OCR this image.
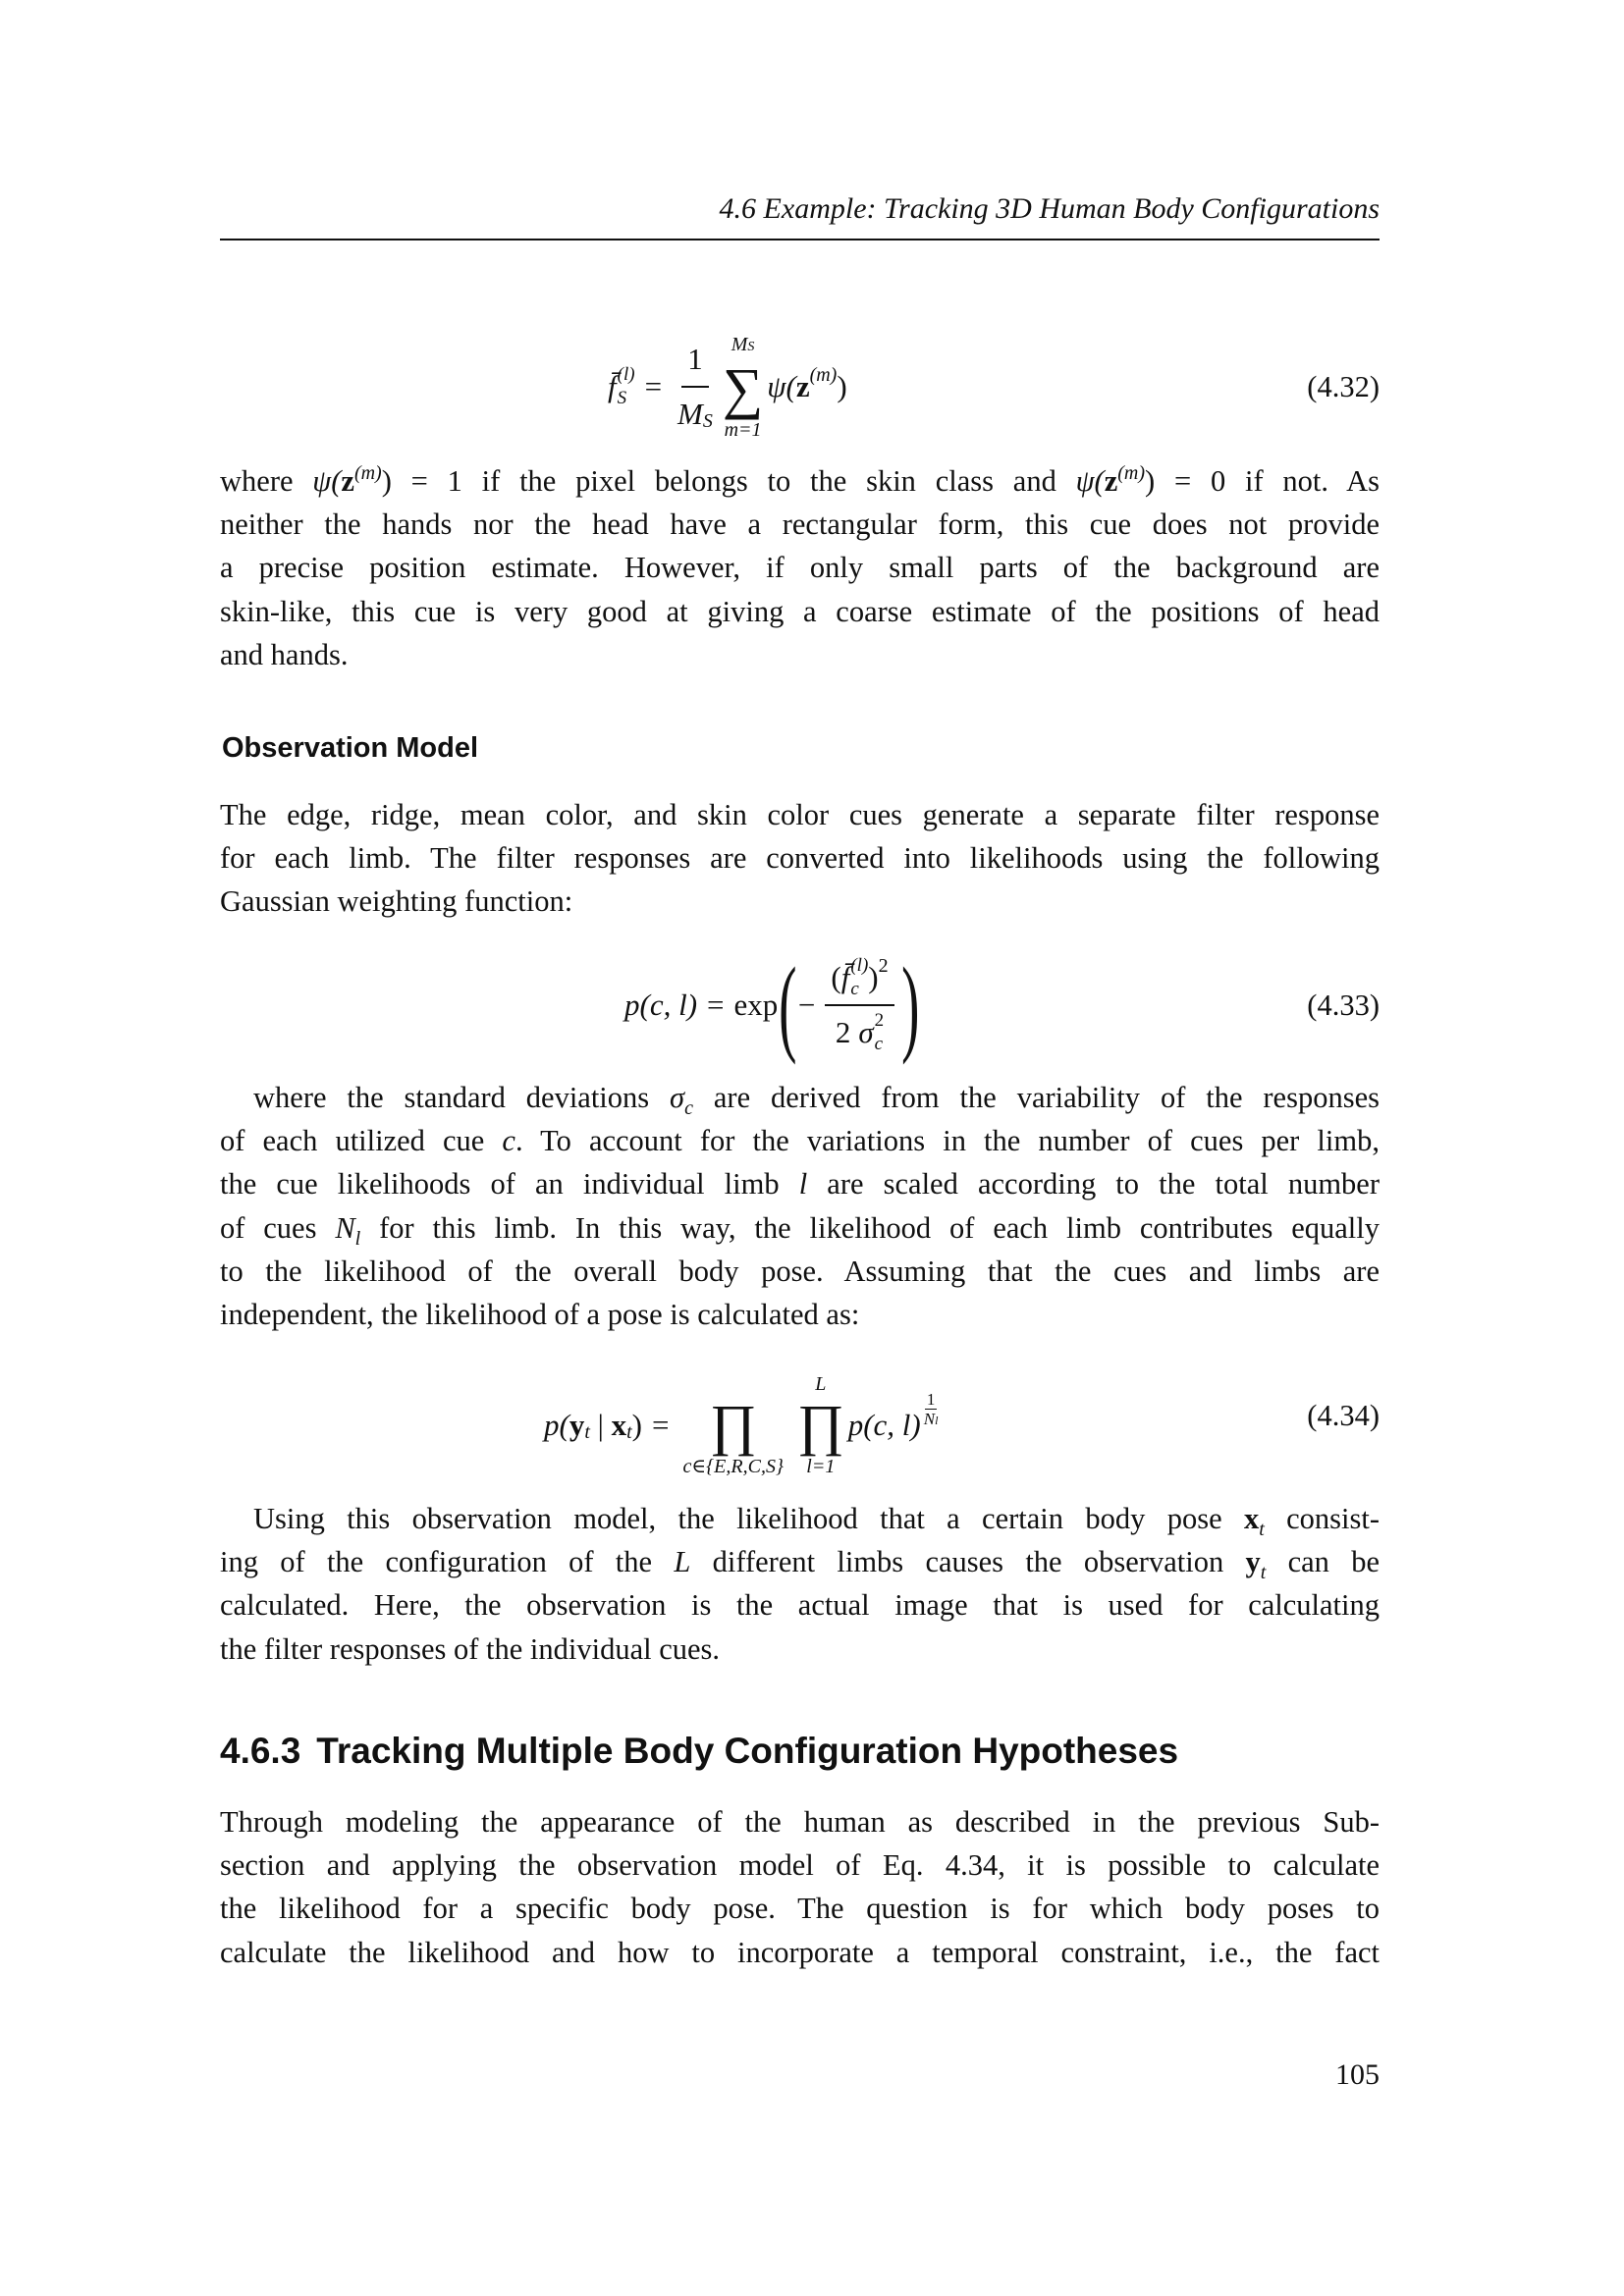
4.6 Example: Tracking 3D Human Body Configurations
f̄ (l)
$S = \frac{1}{\text{M S}}$ MS
∑
m=1
ψ( z (m) )	(4.32)
where $\psi(z^{(m)}) = 1$ if the pixel belongs to the skin class and $\psi(z^{(m)}) = 0$ if not. As
neither the hands nor the head have a rectangular form, this cue does not provide
a precise position estimate. However, if only small parts of the background are
skin-like, this cue is very good at giving a coarse estimate of the positions of head
and hands.
Observation Model
The edge, ridge, mean color, and skin color cues generate a separate filter response
for each limb. The filter responses are converted into likelihoods using the following
Gaussian weighting function:
p(c, l) = exp ( − ( f̄ (l)
c ) 2
2 σ 2
c )	(4.33)
where the standard deviations $\sigma_c$ are derived from the variability of the responses
of each utilized cue c. To account for the variations in the number of cues per limb,
the cue likelihoods of an individual limb l are scaled according to the total number
of cues $N_l$ for this limb. In this way, the likelihood of each limb contributes equally
to the likelihood of the overall body pose. Assuming that the cues and limbs are
independent, the likelihood of a pose is calculated as:
p( y t | x t ) = ∏
c∈{E,R,C,S}
L
∏
l=1
p(c, l)
1
Nl	(4.34)
Using this observation model, the likelihood that a certain body pose $x_t$ consist-
ing of the configuration of the L different limbs causes the observation $y_t$ can be
calculated. Here, the observation is the actual image that is used for calculating
the filter responses of the individual cues.
4.6.3 Tracking Multiple Body Configuration Hypotheses
Through modeling the appearance of the human as described in the previous Sub-
section and applying the observation model of Eq. 4.34, it is possible to calculate
the likelihood for a specific body pose. The question is for which body poses to
calculate the likelihood and how to incorporate a temporal constraint, i.e., the fact
105
